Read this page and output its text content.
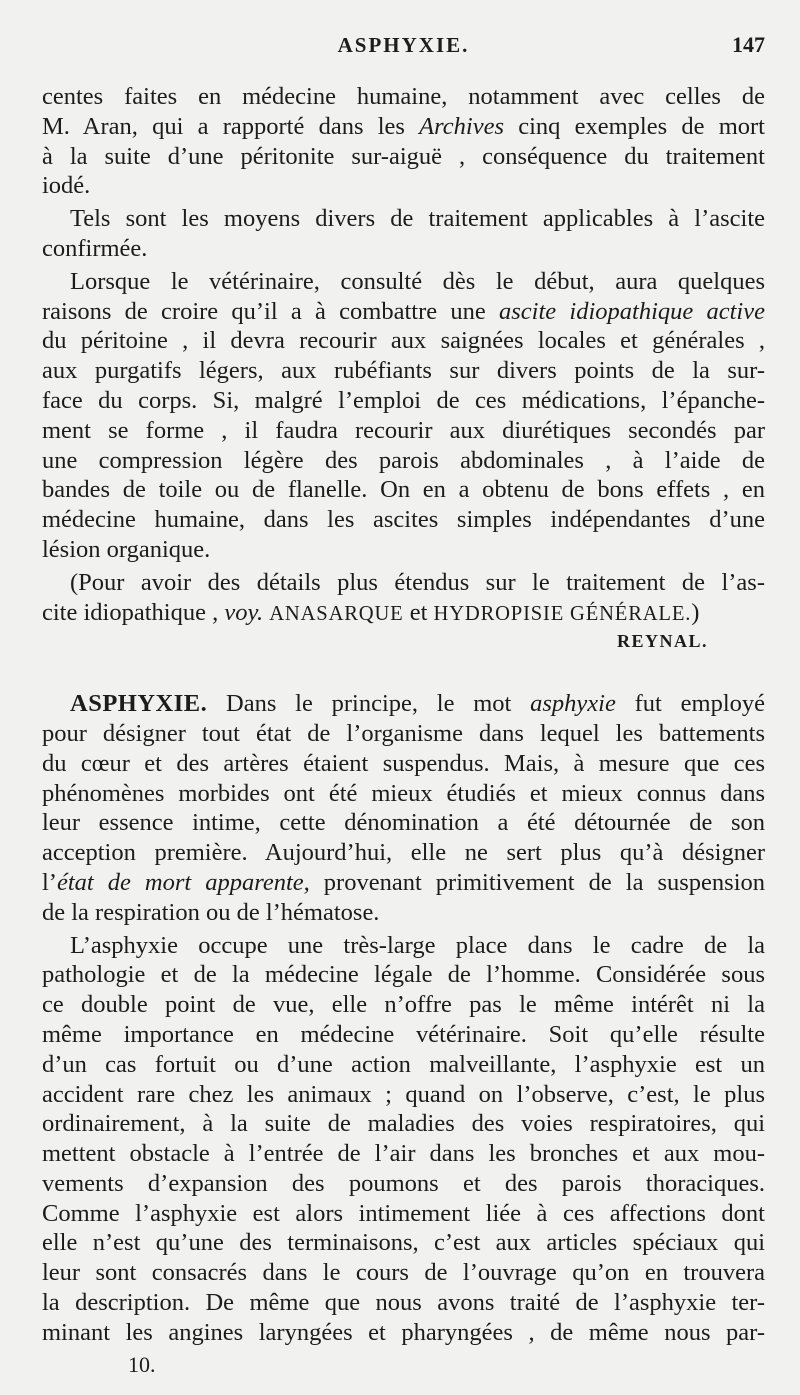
ASPHYXIE.	147
centes faites en médecine humaine, notamment avec celles de
M. Aran, qui a rapporté dans les Archives cinq exemples de mort
à la suite d’une péritonite sur-aiguë , conséquence du traitement
iodé.
Tels sont les moyens divers de traitement applicables à l’ascite
confirmée.
Lorsque le vétérinaire, consulté dès le début, aura quelques
raisons de croire qu’il a à combattre une ascite idiopathique active
du péritoine , il devra recourir aux saignées locales et générales ,
aux purgatifs légers, aux rubéfiants sur divers points de la sur-
face du corps. Si, malgré l’emploi de ces médications, l’épanche-
ment se forme , il faudra recourir aux diurétiques secondés par
une compression légère des parois abdominales , à l’aide de
bandes de toile ou de flanelle. On en a obtenu de bons effets , en
médecine humaine, dans les ascites simples indépendantes d’une
lésion organique.
(Pour avoir des détails plus étendus sur le traitement de l’as-
cite idiopathique , voy. ANASARQUE et HYDROPISIE GÉNÉRALE.)
REYNAL.
ASPHYXIE. Dans le principe, le mot asphyxie fut employé
pour désigner tout état de l’organisme dans lequel les battements
du cœur et des artères étaient suspendus. Mais, à mesure que ces
phénomènes morbides ont été mieux étudiés et mieux connus dans
leur essence intime, cette dénomination a été détournée de son
acception première. Aujourd’hui, elle ne sert plus qu’à désigner
l’état de mort apparente, provenant primitivement de la suspension
de la respiration ou de l’hématose.
L’asphyxie occupe une très-large place dans le cadre de la
pathologie et de la médecine légale de l’homme. Considérée sous
ce double point de vue, elle n’offre pas le même intérêt ni la
même importance en médecine vétérinaire. Soit qu’elle résulte
d’un cas fortuit ou d’une action malveillante, l’asphyxie est un
accident rare chez les animaux ; quand on l’observe, c’est, le plus
ordinairement, à la suite de maladies des voies respiratoires, qui
mettent obstacle à l’entrée de l’air dans les bronches et aux mou-
vements d’expansion des poumons et des parois thoraciques.
Comme l’asphyxie est alors intimement liée à ces affections dont
elle n’est qu’une des terminaisons, c’est aux articles spéciaux qui
leur sont consacrés dans le cours de l’ouvrage qu’on en trouvera
la description. De même que nous avons traité de l’asphyxie ter-
minant les angines laryngées et pharyngées , de même nous par-
10.
